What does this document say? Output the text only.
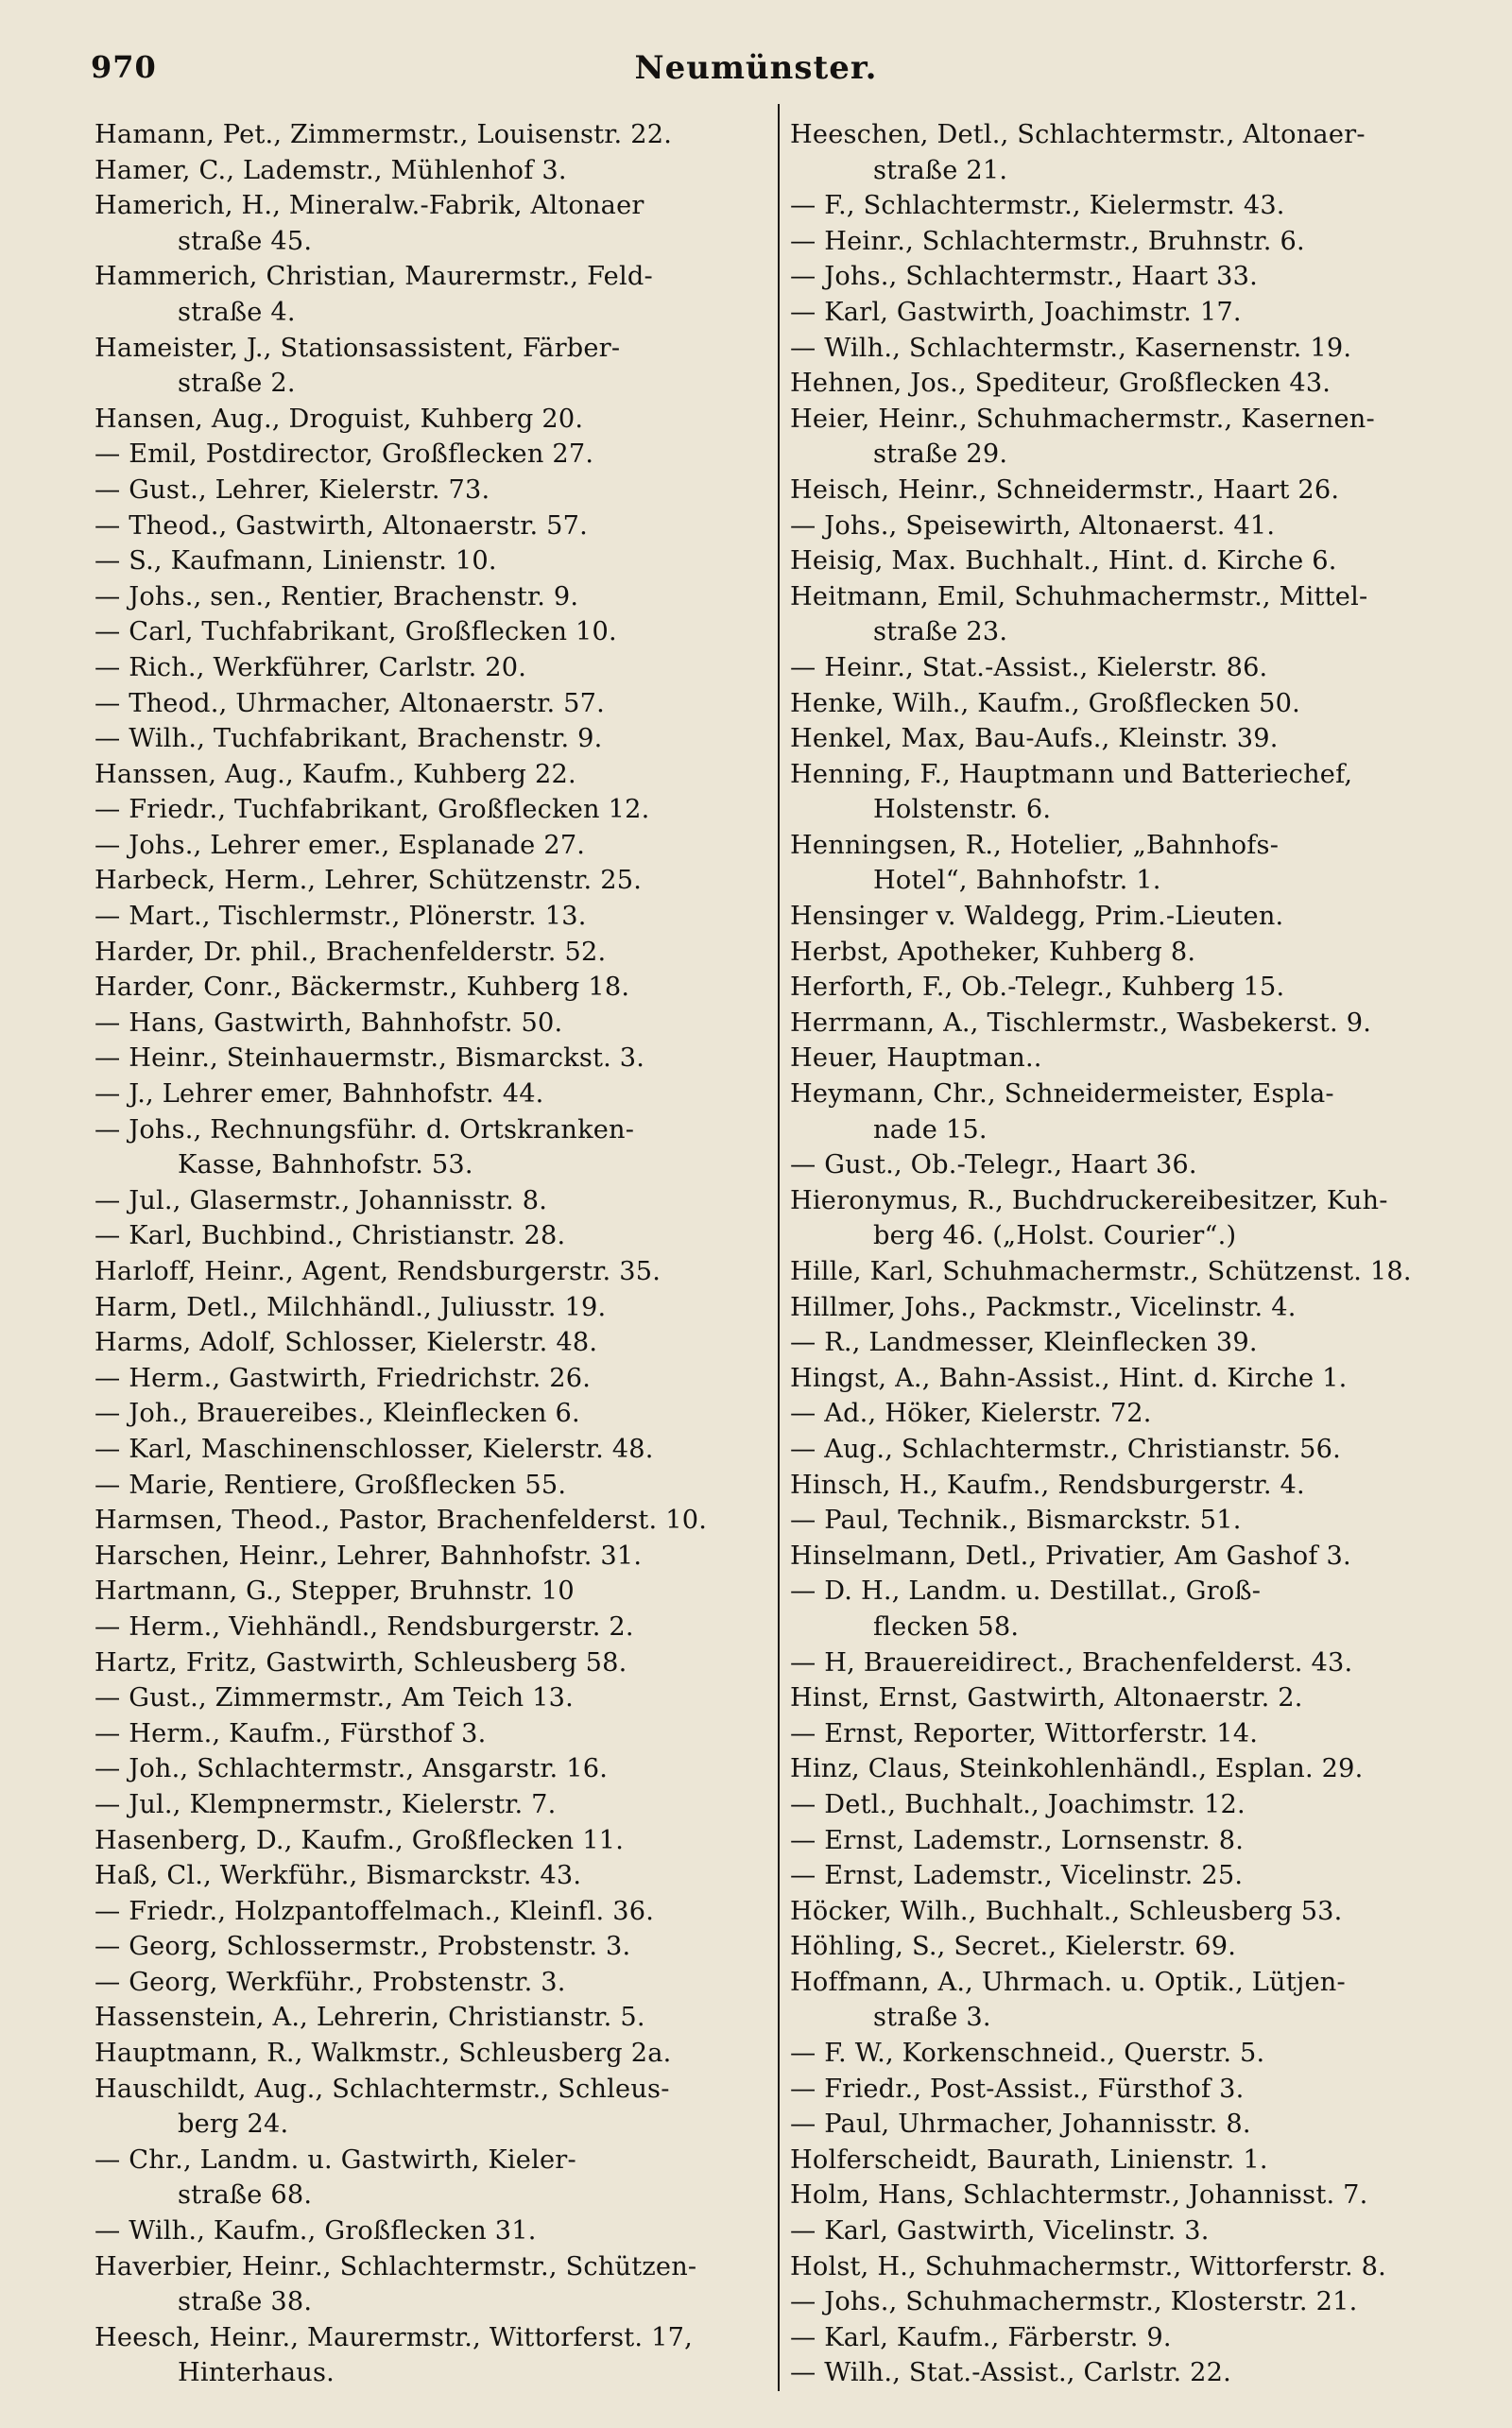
970	Neumünster.
Hamann, Pet., Zimmermstr., Louisenstr. 22.
Hamer, C., Lademstr., Mühlenhof 3.
Hamerich, H., Mineralw.-Fabrik, Altonaer
straße 45.
Hammerich, Christian, Maurermstr., Feld-
straße 4.
Hameister, J., Stationsassistent, Färber-
straße 2.
Hansen, Aug., Droguist, Kuhberg 20.
— Emil, Postdirector, Großflecken 27.
— Gust., Lehrer, Kielerstr. 73.
— Theod., Gastwirth, Altonaerstr. 57.
— S., Kaufmann, Linienstr. 10.
— Johs., sen., Rentier, Brachenstr. 9.
— Carl, Tuchfabrikant, Großflecken 10.
— Rich., Werkführer, Carlstr. 20.
— Theod., Uhrmacher, Altonaerstr. 57.
— Wilh., Tuchfabrikant, Brachenstr. 9.
Hanssen, Aug., Kaufm., Kuhberg 22.
— Friedr., Tuchfabrikant, Großflecken 12.
— Johs., Lehrer emer., Esplanade 27.
Harbeck, Herm., Lehrer, Schützenstr. 25.
— Mart., Tischlermstr., Plönerstr. 13.
Harder, Dr. phil., Brachenfelderstr. 52.
Harder, Conr., Bäckermstr., Kuhberg 18.
— Hans, Gastwirth, Bahnhofstr. 50.
— Heinr., Steinhauermstr., Bismarckst. 3.
— J., Lehrer emer, Bahnhofstr. 44.
— Johs., Rechnungsführ. d. Ortskranken-
Kasse, Bahnhofstr. 53.
— Jul., Glasermstr., Johannisstr. 8.
— Karl, Buchbind., Christianstr. 28.
Harloff, Heinr., Agent, Rendsburgerstr. 35.
Harm, Detl., Milchhändl., Juliusstr. 19.
Harms, Adolf, Schlosser, Kielerstr. 48.
— Herm., Gastwirth, Friedrichstr. 26.
— Joh., Brauereibes., Kleinflecken 6.
— Karl, Maschinenschlosser, Kielerstr. 48.
— Marie, Rentiere, Großflecken 55.
Harmsen, Theod., Pastor, Brachenfelderst. 10.
Harschen, Heinr., Lehrer, Bahnhofstr. 31.
Hartmann, G., Stepper, Bruhnstr. 10
— Herm., Viehhändl., Rendsburgerstr. 2.
Hartz, Fritz, Gastwirth, Schleusberg 58.
— Gust., Zimmermstr., Am Teich 13.
— Herm., Kaufm., Fürsthof 3.
— Joh., Schlachtermstr., Ansgarstr. 16.
— Jul., Klempnermstr., Kielerstr. 7.
Hasenberg, D., Kaufm., Großflecken 11.
Haß, Cl., Werkführ., Bismarckstr. 43.
— Friedr., Holzpantoffelmach., Kleinfl. 36.
— Georg, Schlossermstr., Probstenstr. 3.
— Georg, Werkführ., Probstenstr. 3.
Hassenstein, A., Lehrerin, Christianstr. 5.
Hauptmann, R., Walkmstr., Schleusberg 2a.
Hauschildt, Aug., Schlachtermstr., Schleus-
berg 24.
— Chr., Landm. u. Gastwirth, Kieler-
straße 68.
— Wilh., Kaufm., Großflecken 31.
Haverbier, Heinr., Schlachtermstr., Schützen-
straße 38.
Heesch, Heinr., Maurermstr., Wittorferst. 17,
Hinterhaus.
Heeschen, Detl., Schlachtermstr., Altonaer-
straße 21.
— F., Schlachtermstr., Kielermstr. 43.
— Heinr., Schlachtermstr., Bruhnstr. 6.
— Johs., Schlachtermstr., Haart 33.
— Karl, Gastwirth, Joachimstr. 17.
— Wilh., Schlachtermstr., Kasernenstr. 19.
Hehnen, Jos., Spediteur, Großflecken 43.
Heier, Heinr., Schuhmachermstr., Kasernen-
straße 29.
Heisch, Heinr., Schneidermstr., Haart 26.
— Johs., Speisewirth, Altonaerst. 41.
Heisig, Max. Buchhalt., Hint. d. Kirche 6.
Heitmann, Emil, Schuhmachermstr., Mittel-
straße 23.
— Heinr., Stat.-Assist., Kielerstr. 86.
Henke, Wilh., Kaufm., Großflecken 50.
Henkel, Max, Bau-Aufs., Kleinstr. 39.
Henning, F., Hauptmann und Batteriechef,
Holstenstr. 6.
Henningsen, R., Hotelier, „Bahnhofs-
Hotel“, Bahnhofstr. 1.
Hensinger v. Waldegg, Prim.-Lieuten.
Herbst, Apotheker, Kuhberg 8.
Herforth, F., Ob.-Telegr., Kuhberg 15.
Herrmann, A., Tischlermstr., Wasbekerst. 9.
Heuer, Hauptman..
Heymann, Chr., Schneidermeister, Espla-
nade 15.
— Gust., Ob.-Telegr., Haart 36.
Hieronymus, R., Buchdruckereibesitzer, Kuh-
berg 46. („Holst. Courier“.)
Hille, Karl, Schuhmachermstr., Schützenst. 18.
Hillmer, Johs., Packmstr., Vicelinstr. 4.
— R., Landmesser, Kleinflecken 39.
Hingst, A., Bahn-Assist., Hint. d. Kirche 1.
— Ad., Höker, Kielerstr. 72.
— Aug., Schlachtermstr., Christianstr. 56.
Hinsch, H., Kaufm., Rendsburgerstr. 4.
— Paul, Technik., Bismarckstr. 51.
Hinselmann, Detl., Privatier, Am Gashof 3.
— D. H., Landm. u. Destillat., Groß-
flecken 58.
— H, Brauereidirect., Brachenfelderst. 43.
Hinst, Ernst, Gastwirth, Altonaerstr. 2.
— Ernst, Reporter, Wittorferstr. 14.
Hinz, Claus, Steinkohlenhändl., Esplan. 29.
— Detl., Buchhalt., Joachimstr. 12.
— Ernst, Lademstr., Lornsenstr. 8.
— Ernst, Lademstr., Vicelinstr. 25.
Höcker, Wilh., Buchhalt., Schleusberg 53.
Höhling, S., Secret., Kielerstr. 69.
Hoffmann, A., Uhrmach. u. Optik., Lütjen-
straße 3.
— F. W., Korkenschneid., Querstr. 5.
— Friedr., Post-Assist., Fürsthof 3.
— Paul, Uhrmacher, Johannisstr. 8.
Holferscheidt, Baurath, Linienstr. 1.
Holm, Hans, Schlachtermstr., Johannisst. 7.
— Karl, Gastwirth, Vicelinstr. 3.
Holst, H., Schuhmachermstr., Wittorferstr. 8.
— Johs., Schuhmachermstr., Klosterstr. 21.
— Karl, Kaufm., Färberstr. 9.
— Wilh., Stat.-Assist., Carlstr. 22.
